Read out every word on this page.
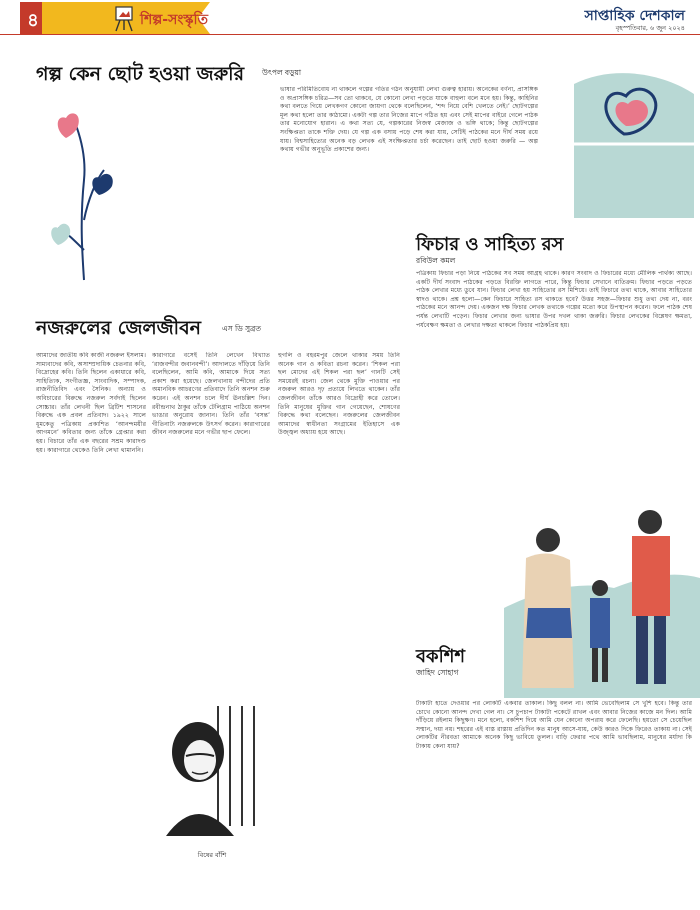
৪	শিল্প-সংস্কৃতি	সাপ্তাহিক দেশকাল
বৃহস্পতিবার, ৬ জুন ২০২৪
গল্প কেন ছোট হওয়া জরুরি উৎপল বড়ুয়া
ভাষার পরিমিতিবোধ না থাকলে গল্পের গতির গঠন অনুযায়ী লেখা গুরুত্ব হারায়। অনেকের বর্ণনা, প্রাসঙ্গিক ও অপ্রাসঙ্গিক চরিত্র—সব তো থাকবে, যে কোনো লেখা পড়তে যাকে বাহুল্য বলে মনে হয়। কিন্তু, কাহিনির কথা বলতে গিয়ে লেখকগণ কোনো জায়গা থেকে বলেছিলেন, ‘শব্দ নিয়ে বেশি খেলতে নেই।’ ছোটগল্পের মূল কথা হলো তার কাঠামো। একটা গল্প তার নিজের মাপে গঠিত হয় এবং সেই মাপের বাইরে গেলে পাঠক তার মনোযোগ হারান। এ কথা সত্য যে, গল্পকারের নিজস্ব মেজাজ ও ভঙ্গি থাকে; কিন্তু ছোটগল্পের সংক্ষিপ্ততা তাকে শক্তি দেয়। যে গল্প এক বসায় পড়ে শেষ করা যায়, সেটিই পাঠকের মনে দীর্ঘ সময় রয়ে যায়। বিশ্বসাহিত্যের অনেক বড় লেখক এই সংক্ষিপ্ততার চর্চা করেছেন। তাই ছোট হওয়া জরুরি — অল্প কথায় গভীর অনুভূতি প্রকাশের জন্য।
ফিচার ও সাহিত্য রস
রবিউল কমল
পত্রিকায় ফিচার পড়া নিয়ে পাঠকের সব সময় আগ্রহ থাকে। কারণ সংবাদ ও ফিচারের মধ্যে মৌলিক পার্থক্য আছে। একটি দীর্ঘ সংবাদ পাঠকের পড়তে বিরক্তি লাগতে পারে, কিন্তু ফিচার সেখানে ব্যতিক্রম। ফিচার পড়তে পড়তে পাঠক লেখার মধ্যে ডুবে যান। ফিচার লেখা হয় সাহিত্যের রস মিশিয়ে। তাই ফিচারে তথ্য থাকে, আবার সাহিত্যের স্বাদও থাকে। প্রশ্ন হলো—কেন ফিচারে সাহিত্য রস থাকতে হবে? উত্তর সহজ—ফিচার শুধু তথ্য দেয় না, বরং পাঠকের মনে আনন্দ দেয়। একজন দক্ষ ফিচার লেখক তথ্যকে গল্পের মতো করে উপস্থাপন করেন। ফলে পাঠক শেষ পর্যন্ত লেখাটি পড়েন। ফিচার লেখার জন্য ভাষার উপর দখল থাকা জরুরি। ফিচার লেখকের বিশ্লেষণ ক্ষমতা, পর্যবেক্ষণ ক্ষমতা ও লেখার দক্ষতা থাকলে ফিচার পাঠকপ্রিয় হয়।
নজরুলের জেলজীবন	এস ডি সুব্রত
আমাদের জাতীয় কবি কাজী নজরুল ইসলাম। সাম্যবাদের কবি, অসাম্প্রদায়িক চেতনার কবি, বিদ্রোহের কবি। তিনি ছিলেন একাধারে কবি, সাহিত্যিক, সংগীতজ্ঞ, সাংবাদিক, সম্পাদক, রাজনীতিবিদ এবং সৈনিক। অন্যায় ও অবিচারের বিরুদ্ধে নজরুল সর্বদাই ছিলেন সোচ্চার। তাঁর লেখনী ছিল ব্রিটিশ শাসনের বিরুদ্ধে এক প্রবল প্রতিবাদ। ১৯২২ সালে ধূমকেতু পত্রিকায় প্রকাশিত ‘আনন্দময়ীর আগমনে’ কবিতার জন্য তাঁকে গ্রেপ্তার করা হয়। বিচারে তাঁর এক বছরের সশ্রম কারাদণ্ড হয়। কারাগারে থেকেও তিনি লেখা থামাননি।
কারাগারে বসেই তিনি লেখেন বিখ্যাত ‘রাজবন্দীর জবানবন্দী’। আদালতে দাঁড়িয়ে তিনি বলেছিলেন, আমি কবি, আমাকে দিয়ে সত্য প্রকাশ করা হয়েছে। জেলখানায় বন্দীদের প্রতি অমানবিক আচরণের প্রতিবাদে তিনি অনশন শুরু করেন। এই অনশন চলে দীর্ঘ ঊনচল্লিশ দিন। রবীন্দ্রনাথ ঠাকুর তাঁকে টেলিগ্রাম পাঠিয়ে অনশন ভাঙার অনুরোধ জানান। তিনি তাঁর ‘বসন্ত’ গীতিনাট্য নজরুলকে উৎসর্গ করেন। কারাগারের জীবন নজরুলের মনে গভীর ছাপ ফেলে।
হুগলি ও বহরমপুর জেলে থাকার সময় তিনি অনেক গান ও কবিতা রচনা করেন। ‘শিকল পরা ছল মোদের এই শিকল পরা ছল’ গানটি সেই সময়েরই রচনা। জেল থেকে মুক্তি পাওয়ার পর নজরুল আরও দৃঢ় প্রত্যয়ে লিখতে থাকেন। তাঁর জেলজীবন তাঁকে আরও বিদ্রোহী করে তোলে। তিনি মানুষের মুক্তির গান গেয়েছেন, শোষণের বিরুদ্ধে কথা বলেছেন। নজরুলের জেলজীবন আমাদের স্বাধীনতা সংগ্রামের ইতিহাসে এক উজ্জ্বল অধ্যায় হয়ে আছে।
বিষের বাঁশি
বকশিশ
জাহিদ সোহাগ
টাকাটা হাতে দেওয়ার পর লোকটি একবার তাকাল। কিছু বলল না। আমি ভেবেছিলাম সে খুশি হবে। কিন্তু তার চোখে কোনো আনন্দ দেখা গেল না। সে চুপচাপ টাকাটা পকেটে রাখল এবং আবার নিজের কাজে মন দিল। আমি দাঁড়িয়ে রইলাম কিছুক্ষণ। মনে হলো, বকশিশ দিয়ে আমি যেন কোনো অপরাধ করে ফেলেছি। হয়তো সে চেয়েছিল সম্মান, দয়া নয়। শহরের এই ব্যস্ত রাস্তায় প্রতিদিন কত মানুষ আসে-যায়, কেউ কারও দিকে ফিরেও তাকায় না। সেই লোকটির নীরবতা আমাকে অনেক কিছু ভাবিয়ে তুলল। বাড়ি ফেরার পথে আমি ভাবছিলাম, মানুষের মর্যাদা কি টাকায় কেনা যায়?
